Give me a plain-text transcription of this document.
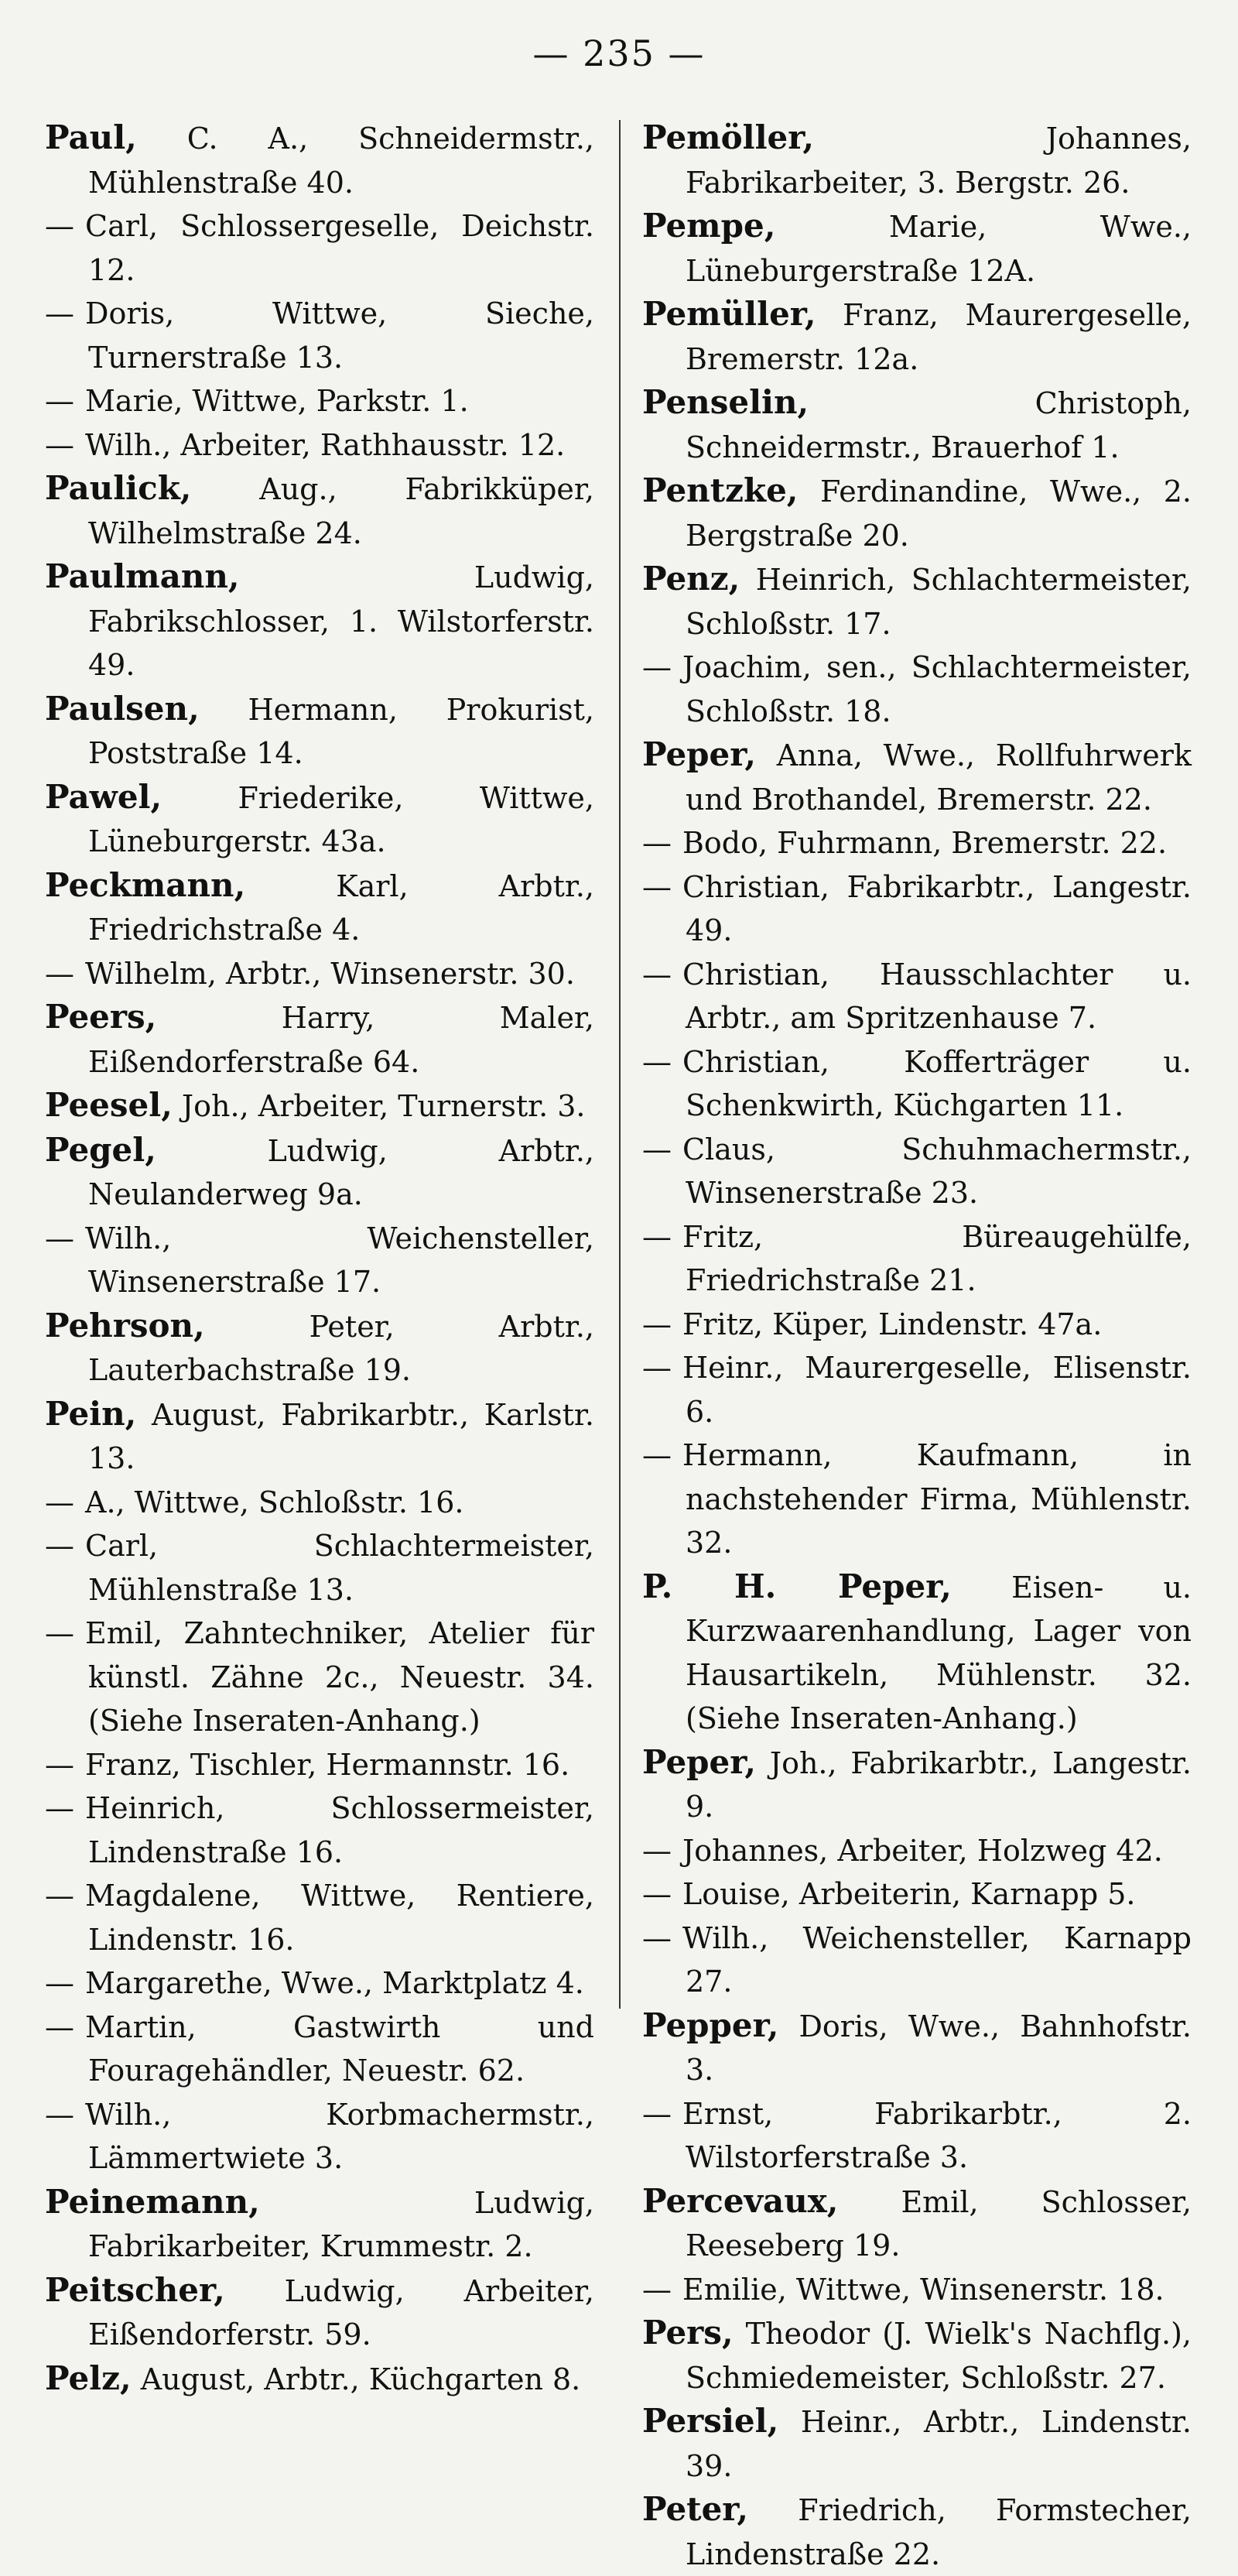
— 235 —

Paul, C. A., Schneidermstr., Mühlenstraße 40.

— Carl, Schlossergeselle, Deichstr. 12.

— Doris, Wittwe, Sieche, Turnerstraße 13.

— Marie, Wittwe, Parkstr. 1.

— Wilh., Arbeiter, Rathhausstr. 12.

Paulick, Aug., Fabrikküper, Wilhelmstraße 24.

Paulmann, Ludwig, Fabrikschlosser, 1. Wilstorferstr. 49.

Paulsen, Hermann, Prokurist, Poststraße 14.

Pawel, Friederike, Wittwe, Lüneburgerstr. 43a.

Peckmann, Karl, Arbtr., Friedrichstraße 4.

— Wilhelm, Arbtr., Winsenerstr. 30.

Peers, Harry, Maler, Eißendorferstraße 64.

Peesel, Joh., Arbeiter, Turnerstr. 3.

Pegel, Ludwig, Arbtr., Neulanderweg 9a.

— Wilh., Weichensteller, Winsenerstraße 17.

Pehrson, Peter, Arbtr., Lauterbachstraße 19.

Pein, August, Fabrikarbtr., Karlstr. 13.

— A., Wittwe, Schloßstr. 16.

— Carl, Schlachtermeister, Mühlenstraße 13.

— Emil, Zahntechniker, Atelier für künstl. Zähne 2c., Neuestr. 34. (Siehe Inseraten-Anhang.)

— Franz, Tischler, Hermannstr. 16.

— Heinrich, Schlossermeister, Lindenstraße 16.

— Magdalene, Wittwe, Rentiere, Lindenstr. 16.

— Margarethe, Wwe., Marktplatz 4.

— Martin, Gastwirth und Fouragehändler, Neuestr. 62.

— Wilh., Korbmachermstr., Lämmertwiete 3.

Peinemann, Ludwig, Fabrikarbeiter, Krummestr. 2.

Peitscher, Ludwig, Arbeiter, Eißendorferstr. 59.

Pelz, August, Arbtr., Küchgarten 8.

Pemöller, Johannes, Fabrikarbeiter, 3. Bergstr. 26.

Pempe, Marie, Wwe., Lüneburgerstraße 12A.

Pemüller, Franz, Maurergeselle, Bremerstr. 12a.

Penselin, Christoph, Schneidermstr., Brauerhof 1.

Pentzke, Ferdinandine, Wwe., 2. Bergstraße 20.

Penz, Heinrich, Schlachtermeister, Schloßstr. 17.

— Joachim, sen., Schlachtermeister, Schloßstr. 18.

Peper, Anna, Wwe., Rollfuhrwerk und Brothandel, Bremerstr. 22.

— Bodo, Fuhrmann, Bremerstr. 22.

— Christian, Fabrikarbtr., Langestr. 49.

— Christian, Hausschlachter u. Arbtr., am Spritzenhause 7.

— Christian, Kofferträger u. Schenkwirth, Küchgarten 11.

— Claus, Schuhmachermstr., Winsenerstraße 23.

— Fritz, Büreaugehülfe, Friedrichstraße 21.

— Fritz, Küper, Lindenstr. 47a.

— Heinr., Maurergeselle, Elisenstr. 6.

— Hermann, Kaufmann, in nachstehender Firma, Mühlenstr. 32.

P. H. Peper, Eisen- u. Kurzwaarenhandlung, Lager von Hausartikeln, Mühlenstr. 32. (Siehe Inseraten-Anhang.)

Peper, Joh., Fabrikarbtr., Langestr. 9.

— Johannes, Arbeiter, Holzweg 42.

— Louise, Arbeiterin, Karnapp 5.

— Wilh., Weichensteller, Karnapp 27.

Pepper, Doris, Wwe., Bahnhofstr. 3.

— Ernst, Fabrikarbtr., 2. Wilstorferstraße 3.

Percevaux, Emil, Schlosser, Reeseberg 19.

— Emilie, Wittwe, Winsenerstr. 18.

Pers, Theodor (J. Wielk's Nachflg.), Schmiedemeister, Schloßstr. 27.

Persiel, Heinr., Arbtr., Lindenstr. 39.

Peter, Friedrich, Formstecher, Lindenstraße 22.
